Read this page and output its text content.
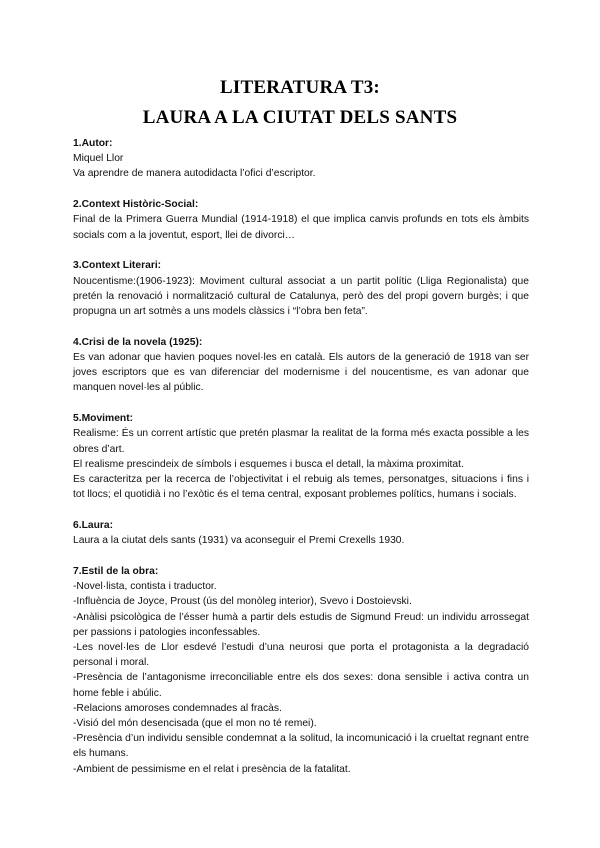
LITERATURA T3:
LAURA A LA CIUTAT DELS SANTS
1.Autor:
Miquel Llor
Va aprendre de manera autodidacta l’ofici d’escriptor.
2.Context Històric-Social:
Final de la Primera Guerra Mundial (1914-1918) el que implica canvis profunds en tots els àmbits socials com a la joventut, esport, llei de divorci…
3.Context Literari:
Noucentisme:(1906-1923): Moviment cultural associat a un partit polític (Lliga Regionalista) que pretén la renovació i normalització cultural de Catalunya, però des del propi govern burgès; i que propugna un art sotmès a uns models clàssics i “l’obra ben feta”.
4.Crisi de la novela (1925):
Es van adonar que havien poques novel·les en català. Els autors de la generació de 1918 van ser joves escriptors que es van diferenciar del modernisme i del noucentisme, es van adonar que manquen novel·les al públic.
5.Moviment:
Realisme: És un corrent artístic que pretén plasmar la realitat de la forma més exacta possible a les obres d’art.
El realisme prescindeix de símbols i esquemes i busca el detall, la màxima proximitat.
Es caracteritza per la recerca de l’objectivitat i el rebuig als temes, personatges, situacions i fins i tot llocs; el quotidià i no l’exòtic és el tema central, exposant problemes polítics, humans i socials.
6.Laura:
Laura a la ciutat dels sants (1931) va aconseguir el Premi Crexells 1930.
7.Estil de la obra:
-Novel·lista, contista i traductor.
-Influència de Joyce, Proust (ús del monòleg interior), Svevo i Dostoievski.
-Anàlisi psicològica de l’ésser humà a partir dels estudis de Sigmund Freud: un individu arrossegat per passions i patologies inconfessables.
-Les novel·les de Llor esdevé l’estudi d’una neurosi que porta el protagonista a la degradació personal i moral.
-Presència de l’antagonisme irreconciliable entre els dos sexes: dona sensible i activa contra un home feble i abúlic.
-Relacions amoroses condemnades al fracàs.
-Visió del món desencisada (que el mon no té remei).
-Presència d’un individu sensible condemnat a la solitud, la incomunicació i la crueltat regnant entre els humans.
-Ambient de pessimisme en el relat i presència de la fatalitat.
